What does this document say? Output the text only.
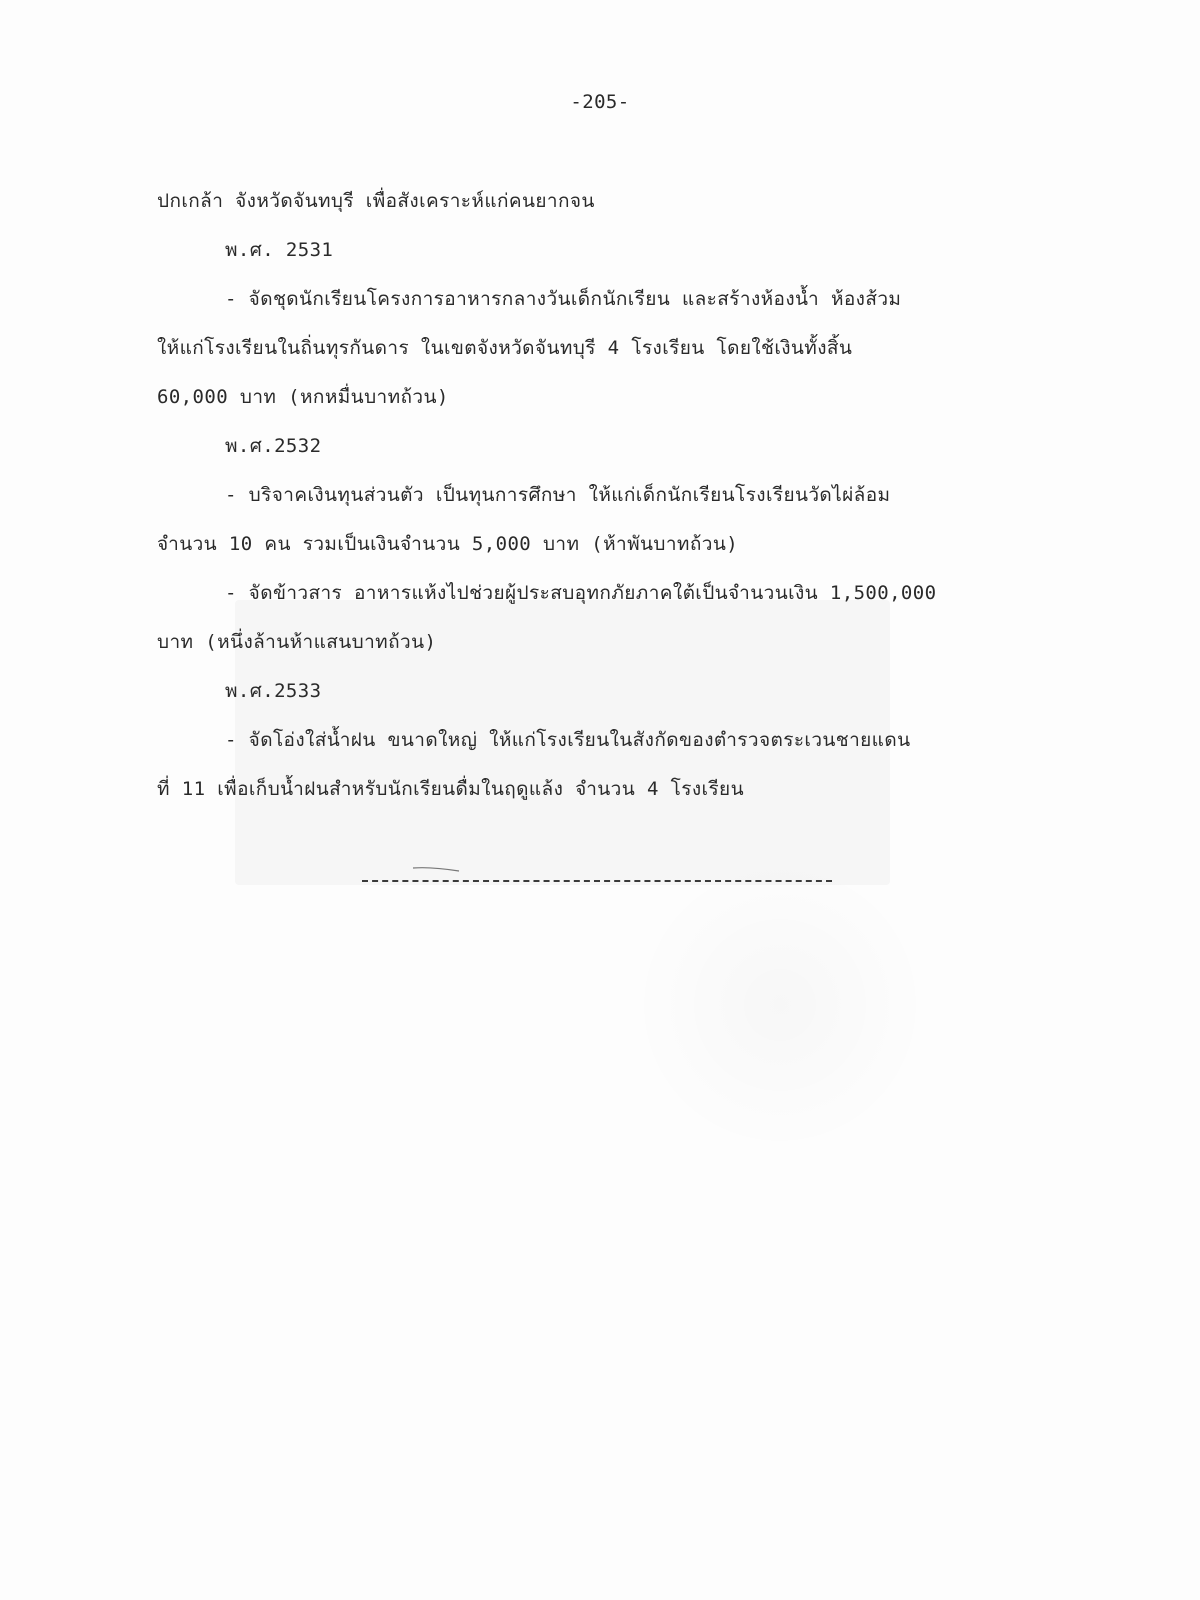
-205-
ปกเกล้า จังหวัดจันทบุรี เพื่อสังเคราะห์แก่คนยากจน
พ.ศ. 2531
- จัดชุดนักเรียนโครงการอาหารกลางวันเด็กนักเรียน และสร้างห้องน้ำ ห้องส้วม
ให้แก่โรงเรียนในถิ่นทุรกันดาร ในเขตจังหวัดจันทบุรี 4 โรงเรียน โดยใช้เงินทั้งสิ้น
60,000 บาท (หกหมื่นบาทถ้วน)
พ.ศ.2532
- บริจาคเงินทุนส่วนตัว เป็นทุนการศึกษา ให้แก่เด็กนักเรียนโรงเรียนวัดไผ่ล้อม
จำนวน 10 คน รวมเป็นเงินจำนวน 5,000 บาท (ห้าพันบาทถ้วน)
- จัดข้าวสาร อาหารแห้งไปช่วยผู้ประสบอุทกภัยภาคใต้เป็นจำนวนเงิน 1,500,000
บาท (หนึ่งล้านห้าแสนบาทถ้วน)
พ.ศ.2533
- จัดโอ่งใส่น้ำฝน ขนาดใหญ่ ให้แก่โรงเรียนในสังกัดของตำรวจตระเวนชายแดน
ที่ 11 เพื่อเก็บน้ำฝนสำหรับนักเรียนดื่มในฤดูแล้ง จำนวน 4 โรงเรียน
